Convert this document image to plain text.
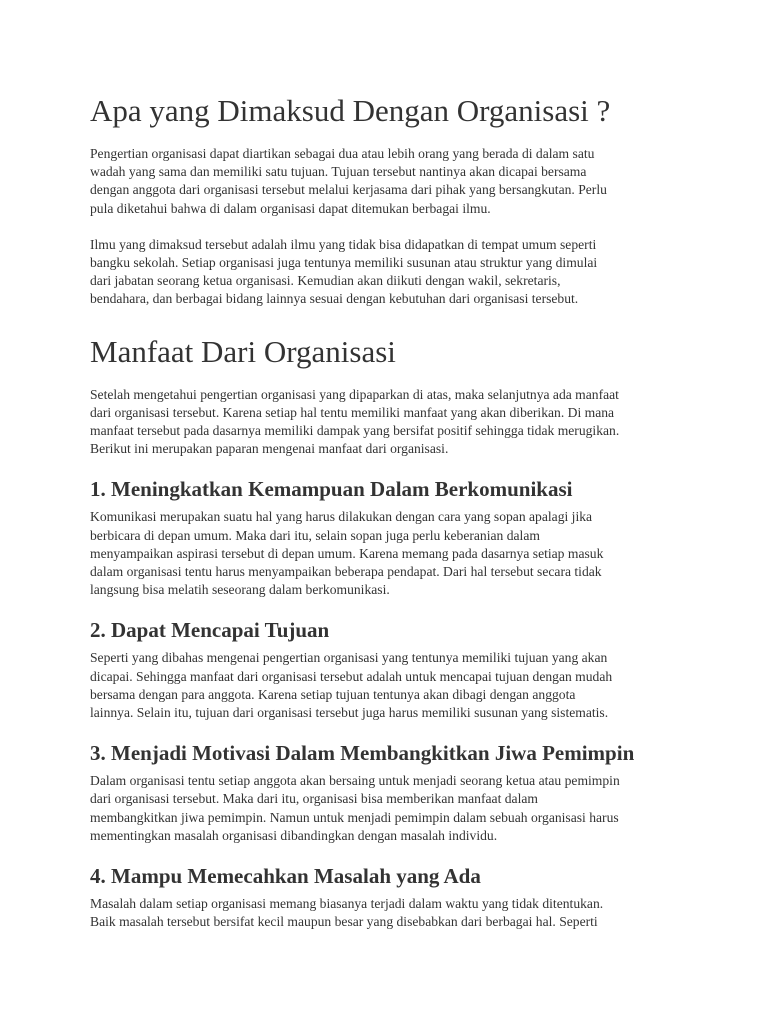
Apa yang Dimaksud Dengan Organisasi ?

Pengertian organisasi dapat diartikan sebagai dua atau lebih orang yang berada di dalam satu
wadah yang sama dan memiliki satu tujuan. Tujuan tersebut nantinya akan dicapai bersama
dengan anggota dari organisasi tersebut melalui kerjasama dari pihak yang bersangkutan. Perlu
pula diketahui bahwa di dalam organisasi dapat ditemukan berbagai ilmu.

Ilmu yang dimaksud tersebut adalah ilmu yang tidak bisa didapatkan di tempat umum seperti
bangku sekolah. Setiap organisasi juga tentunya memiliki susunan atau struktur yang dimulai
dari jabatan seorang ketua organisasi. Kemudian akan diikuti dengan wakil, sekretaris,
bendahara, dan berbagai bidang lainnya sesuai dengan kebutuhan dari organisasi tersebut.

Manfaat Dari Organisasi

Setelah mengetahui pengertian organisasi yang dipaparkan di atas, maka selanjutnya ada manfaat
dari organisasi tersebut. Karena setiap hal tentu memiliki manfaat yang akan diberikan. Di mana
manfaat tersebut pada dasarnya memiliki dampak yang bersifat positif sehingga tidak merugikan.
Berikut ini merupakan paparan mengenai manfaat dari organisasi.

1. Meningkatkan Kemampuan Dalam Berkomunikasi

Komunikasi merupakan suatu hal yang harus dilakukan dengan cara yang sopan apalagi jika
berbicara di depan umum. Maka dari itu, selain sopan juga perlu keberanian dalam
menyampaikan aspirasi tersebut di depan umum. Karena memang pada dasarnya setiap masuk
dalam organisasi tentu harus menyampaikan beberapa pendapat. Dari hal tersebut secara tidak
langsung bisa melatih seseorang dalam berkomunikasi.

2. Dapat Mencapai Tujuan

Seperti yang dibahas mengenai pengertian organisasi yang tentunya memiliki tujuan yang akan
dicapai. Sehingga manfaat dari organisasi tersebut adalah untuk mencapai tujuan dengan mudah
bersama dengan para anggota. Karena setiap tujuan tentunya akan dibagi dengan anggota
lainnya. Selain itu, tujuan dari organisasi tersebut juga harus memiliki susunan yang sistematis.

3. Menjadi Motivasi Dalam Membangkitkan Jiwa Pemimpin

Dalam organisasi tentu setiap anggota akan bersaing untuk menjadi seorang ketua atau pemimpin
dari organisasi tersebut. Maka dari itu, organisasi bisa memberikan manfaat dalam
membangkitkan jiwa pemimpin. Namun untuk menjadi pemimpin dalam sebuah organisasi harus
mementingkan masalah organisasi dibandingkan dengan masalah individu.

4. Mampu Memecahkan Masalah yang Ada

Masalah dalam setiap organisasi memang biasanya terjadi dalam waktu yang tidak ditentukan.
Baik masalah tersebut bersifat kecil maupun besar yang disebabkan dari berbagai hal. Seperti
